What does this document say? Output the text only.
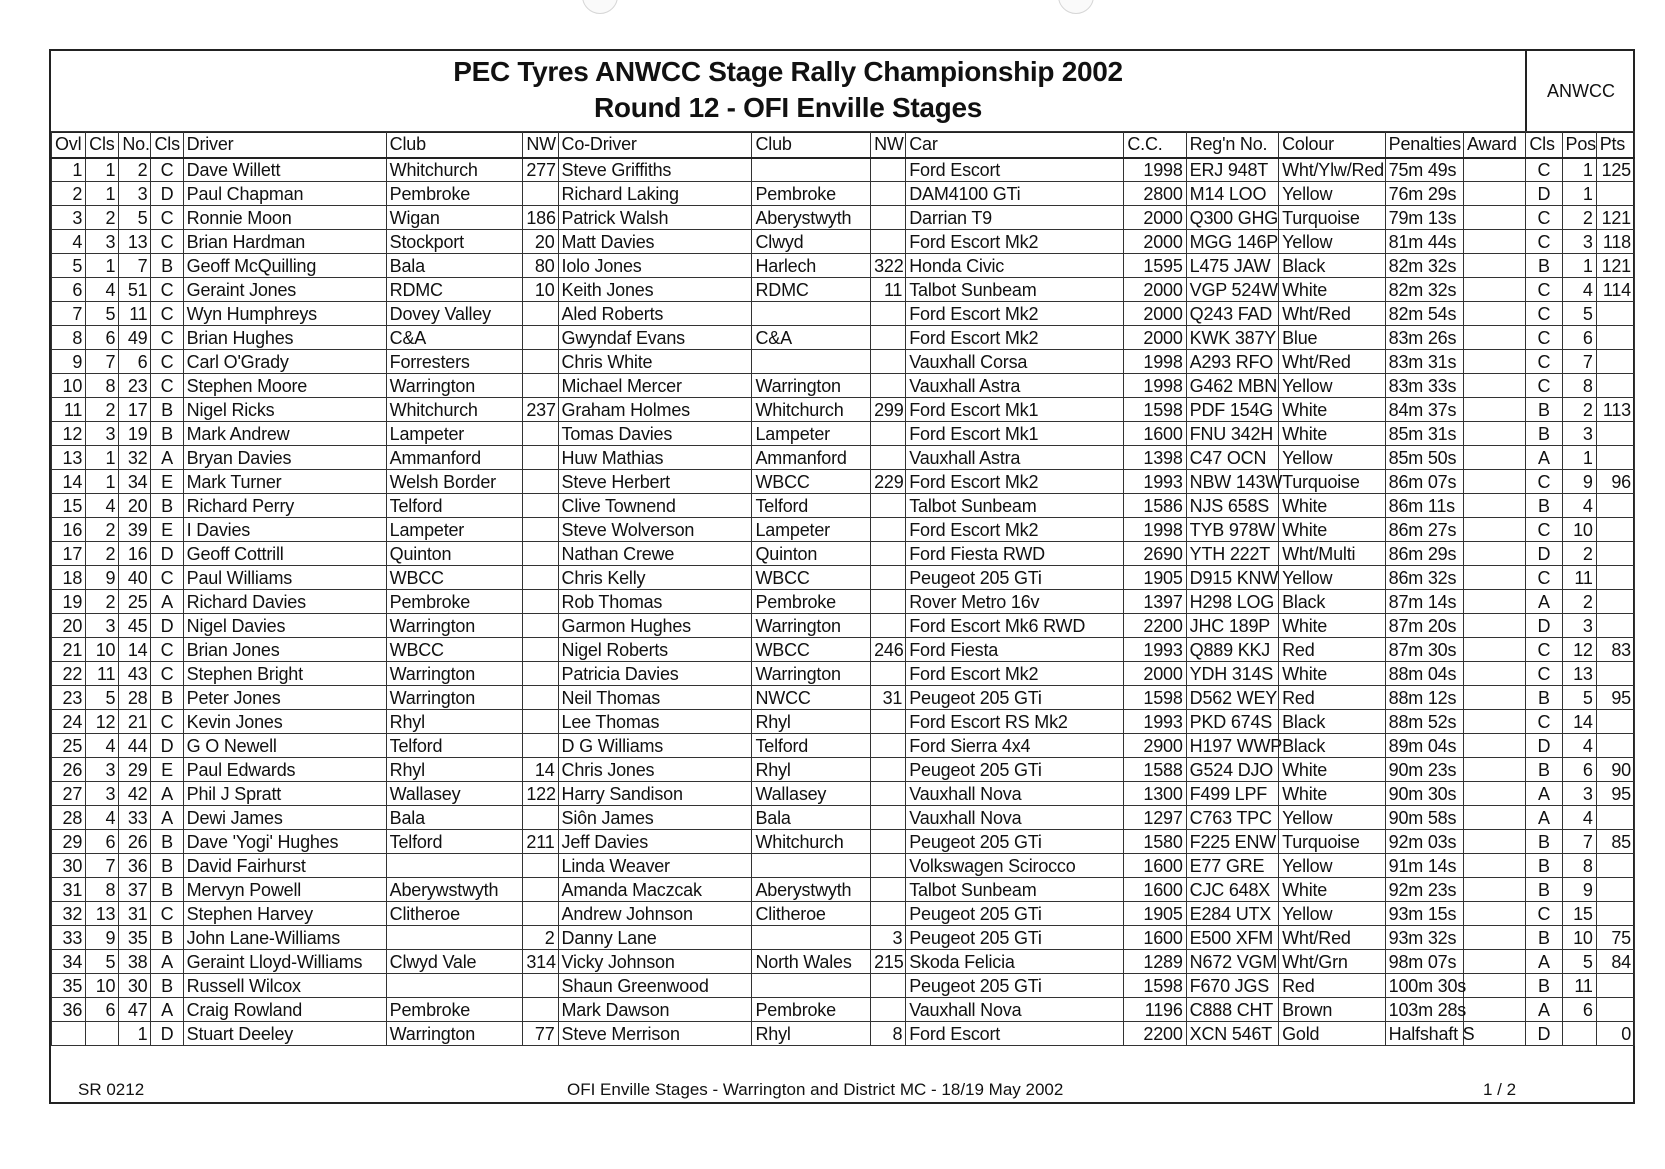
PEC Tyres ANWCC Stage Rally Championship 2002
Round 12 - OFI Enville Stages
ANWCC
Ovl	Cls	No.	Cls	Driver	Club	NW	Co-Driver	Club	NW	Car	C.C.	Reg'n No.	Colour	Penalties	Award	Cls	Pos	Pts
1	1	2	C	Dave Willett	Whitchurch	277	Steve Griffiths			Ford Escort	1998	ERJ 948T	Wht/Ylw/Red	75m 49s		C	1	125
2	1	3	D	Paul Chapman	Pembroke		Richard Laking	Pembroke		DAM4100 GTi	2800	M14 LOO	Yellow	76m 29s		D	1	
3	2	5	C	Ronnie Moon	Wigan	186	Patrick Walsh	Aberystwyth		Darrian T9	2000	Q300 GHG	Turquoise	79m 13s		C	2	121
4	3	13	C	Brian Hardman	Stockport	20	Matt Davies	Clwyd		Ford Escort Mk2	2000	MGG 146P	Yellow	81m 44s		C	3	118
5	1	7	B	Geoff McQuilling	Bala	80	Iolo Jones	Harlech	322	Honda Civic	1595	L475 JAW	Black	82m 32s		B	1	121
6	4	51	C	Geraint Jones	RDMC	10	Keith Jones	RDMC	11	Talbot Sunbeam	2000	VGP 524W	White	82m 32s		C	4	114
7	5	11	C	Wyn Humphreys	Dovey Valley		Aled Roberts			Ford Escort Mk2	2000	Q243 FAD	Wht/Red	82m 54s		C	5	
8	6	49	C	Brian Hughes	C&A		Gwyndaf Evans	C&A		Ford Escort Mk2	2000	KWK 387Y	Blue	83m 26s		C	6	
9	7	6	C	Carl O'Grady	Forresters		Chris White			Vauxhall Corsa	1998	A293 RFO	Wht/Red	83m 31s		C	7	
10	8	23	C	Stephen Moore	Warrington		Michael Mercer	Warrington		Vauxhall Astra	1998	G462 MBN	Yellow	83m 33s		C	8	
11	2	17	B	Nigel Ricks	Whitchurch	237	Graham Holmes	Whitchurch	299	Ford Escort Mk1	1598	PDF 154G	White	84m 37s		B	2	113
12	3	19	B	Mark Andrew	Lampeter		Tomas Davies	Lampeter		Ford Escort Mk1	1600	FNU 342H	White	85m 31s		B	3	
13	1	32	A	Bryan Davies	Ammanford		Huw Mathias	Ammanford		Vauxhall Astra	1398	C47 OCN	Yellow	85m 50s		A	1	
14	1	34	E	Mark Turner	Welsh Border		Steve Herbert	WBCC	229	Ford Escort Mk2	1993	NBW 143W	Turquoise	86m 07s		C	9	96
15	4	20	B	Richard Perry	Telford		Clive Townend	Telford		Talbot Sunbeam	1586	NJS 658S	White	86m 11s		B	4	
16	2	39	E	I Davies	Lampeter		Steve Wolverson	Lampeter		Ford Escort Mk2	1998	TYB 978W	White	86m 27s		C	10	
17	2	16	D	Geoff Cottrill	Quinton		Nathan Crewe	Quinton		Ford Fiesta RWD	2690	YTH 222T	Wht/Multi	86m 29s		D	2	
18	9	40	C	Paul Williams	WBCC		Chris Kelly	WBCC		Peugeot 205 GTi	1905	D915 KNW	Yellow	86m 32s		C	11	
19	2	25	A	Richard Davies	Pembroke		Rob Thomas	Pembroke		Rover Metro 16v	1397	H298 LOG	Black	87m 14s		A	2	
20	3	45	D	Nigel Davies	Warrington		Garmon Hughes	Warrington		Ford Escort Mk6 RWD	2200	JHC 189P	White	87m 20s		D	3	
21	10	14	C	Brian Jones	WBCC		Nigel Roberts	WBCC	246	Ford Fiesta	1993	Q889 KKJ	Red	87m 30s		C	12	83
22	11	43	C	Stephen Bright	Warrington		Patricia Davies	Warrington		Ford Escort Mk2	2000	YDH 314S	White	88m 04s		C	13	
23	5	28	B	Peter Jones	Warrington		Neil Thomas	NWCC	31	Peugeot 205 GTi	1598	D562 WEY	Red	88m 12s		B	5	95
24	12	21	C	Kevin Jones	Rhyl		Lee Thomas	Rhyl		Ford Escort RS Mk2	1993	PKD 674S	Black	88m 52s		C	14	
25	4	44	D	G O Newell	Telford		D G Williams	Telford		Ford Sierra 4x4	2900	H197 WWP	Black	89m 04s		D	4	
26	3	29	E	Paul Edwards	Rhyl	14	Chris Jones	Rhyl		Peugeot 205 GTi	1588	G524 DJO	White	90m 23s		B	6	90
27	3	42	A	Phil J Spratt	Wallasey	122	Harry Sandison	Wallasey		Vauxhall Nova	1300	F499 LPF	White	90m 30s		A	3	95
28	4	33	A	Dewi James	Bala		Siôn James	Bala		Vauxhall Nova	1297	C763 TPC	Yellow	90m 58s		A	4	
29	6	26	B	Dave 'Yogi' Hughes	Telford	211	Jeff Davies	Whitchurch		Peugeot 205 GTi	1580	F225 ENW	Turquoise	92m 03s		B	7	85
30	7	36	B	David Fairhurst			Linda Weaver			Volkswagen Scirocco	1600	E77 GRE	Yellow	91m 14s		B	8	
31	8	37	B	Mervyn Powell	Aberywstwyth		Amanda Maczcak	Aberystwyth		Talbot Sunbeam	1600	CJC 648X	White	92m 23s		B	9	
32	13	31	C	Stephen Harvey	Clitheroe		Andrew Johnson	Clitheroe		Peugeot 205 GTi	1905	E284 UTX	Yellow	93m 15s		C	15	
33	9	35	B	John Lane-Williams		2	Danny Lane		3	Peugeot 205 GTi	1600	E500 XFM	Wht/Red	93m 32s		B	10	75
34	5	38	A	Geraint Lloyd-Williams	Clwyd Vale	314	Vicky Johnson	North Wales	215	Skoda Felicia	1289	N672 VGM	Wht/Grn	98m 07s		A	5	84
35	10	30	B	Russell Wilcox			Shaun Greenwood			Peugeot 205 GTi	1598	F670 JGS	Red	100m 30s		B	11	
36	6	47	A	Craig Rowland	Pembroke		Mark Dawson	Pembroke		Vauxhall Nova	1196	C888 CHT	Brown	103m 28s		A	6	
		1	D	Stuart Deeley	Warrington	77	Steve Merrison	Rhyl	8	Ford Escort	2200	XCN 546T	Gold	Halfshaft S		D		0
SR 0212	OFI Enville Stages - Warrington and District MC - 18/19 May 2002	1 / 2
